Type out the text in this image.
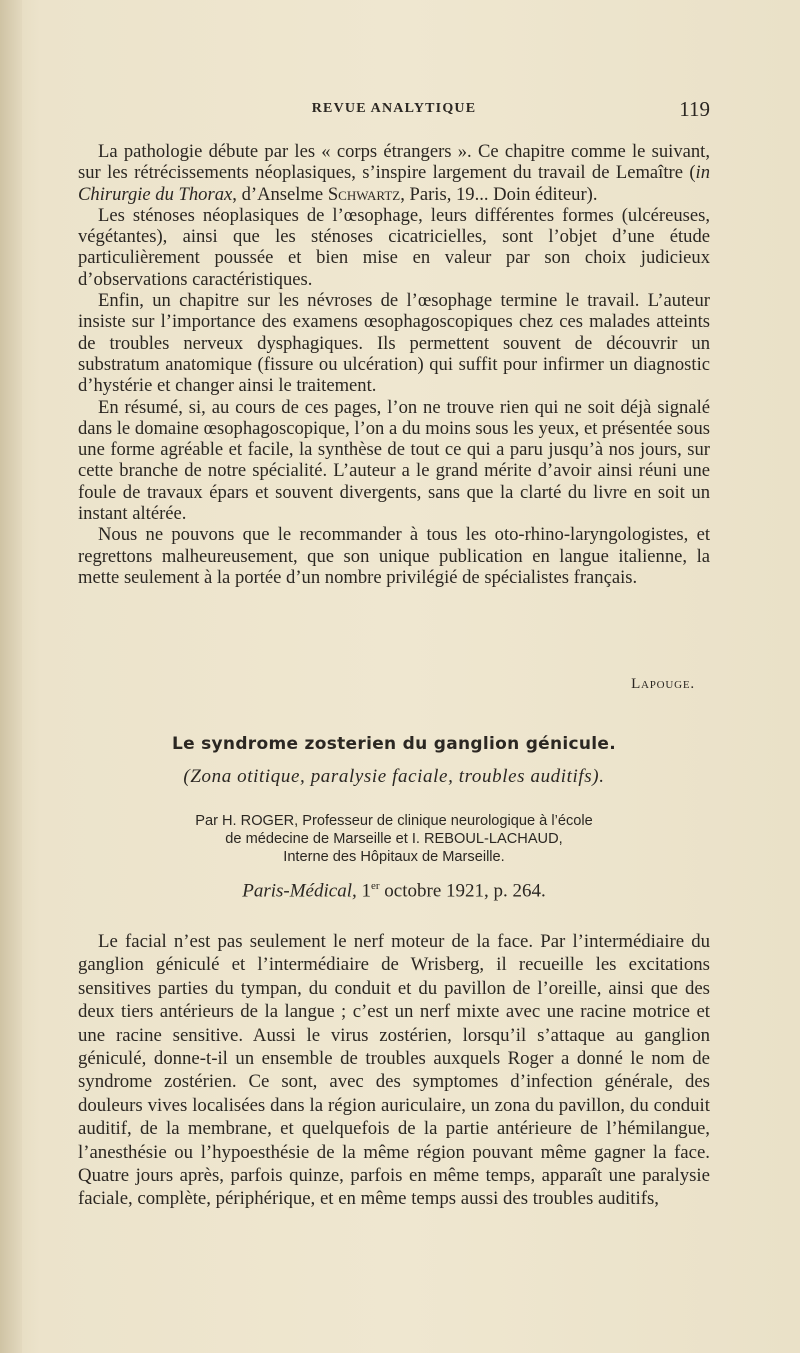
REVUE ANALYTIQUE	119

La pathologie débute par les « corps étrangers ». Ce chapitre comme le suivant, sur les rétrécissements néoplasiques, s’inspire largement du travail de Lemaître (in Chirurgie du Thorax, d’Anselme Schwartz, Paris, 19... Doin éditeur).

Les sténoses néoplasiques de l’œsophage, leurs différentes formes (ulcéreuses, végétantes), ainsi que les sténoses cicatricielles, sont l’objet d’une étude particulièrement poussée et bien mise en valeur par son choix judicieux d’observations caractéristiques.

Enfin, un chapitre sur les névroses de l’œsophage termine le travail. L’auteur insiste sur l’importance des examens œsophagoscopiques chez ces malades atteints de troubles nerveux dysphagiques. Ils permettent souvent de découvrir un substratum anatomique (fissure ou ulcération) qui suffit pour infirmer un diagnostic d’hystérie et changer ainsi le traitement.

En résumé, si, au cours de ces pages, l’on ne trouve rien qui ne soit déjà signalé dans le domaine œsophagoscopique, l’on a du moins sous les yeux, et présentée sous une forme agréable et facile, la synthèse de tout ce qui a paru jusqu’à nos jours, sur cette branche de notre spécialité. L’auteur a le grand mérite d’avoir ainsi réuni une foule de travaux épars et souvent divergents, sans que la clarté du livre en soit un instant altérée.

Nous ne pouvons que le recommander à tous les oto-rhino-laryngologistes, et regrettons malheureusement, que son unique publication en langue italienne, la mette seulement à la portée d’un nombre privilégié de spécialistes français.

Lapouge.
Le syndrome zosterien du ganglion génicule.
(Zona otitique, paralysie faciale, troubles auditifs).
Par H. ROGER, Professeur de clinique neurologique à l’école
de médecine de Marseille et I. REBOUL-LACHAUD,
Interne des Hôpitaux de Marseille.
Paris-Médical, 1er octobre 1921, p. 264.

Le facial n’est pas seulement le nerf moteur de la face. Par l’intermédiaire du ganglion géniculé et l’intermédiaire de Wrisberg, il recueille les excitations sensitives parties du tympan, du conduit et du pavillon de l’oreille, ainsi que des deux tiers antérieurs de la langue ; c’est un nerf mixte avec une racine motrice et une racine sensitive. Aussi le virus zostérien, lorsqu’il s’attaque au ganglion géniculé, donne-t-il un ensemble de troubles auxquels Roger a donné le nom de syndrome zostérien. Ce sont, avec des symptomes d’infection générale, des douleurs vives localisées dans la région auriculaire, un zona du pavillon, du conduit auditif, de la membrane, et quelquefois de la partie antérieure de l’hémilangue, l’anesthésie ou l’hypoesthésie de la même région pouvant même gagner la face. Quatre jours après, parfois quinze, parfois en même temps, apparaît une paralysie faciale, complète, périphérique, et en même temps aussi des troubles auditifs,
